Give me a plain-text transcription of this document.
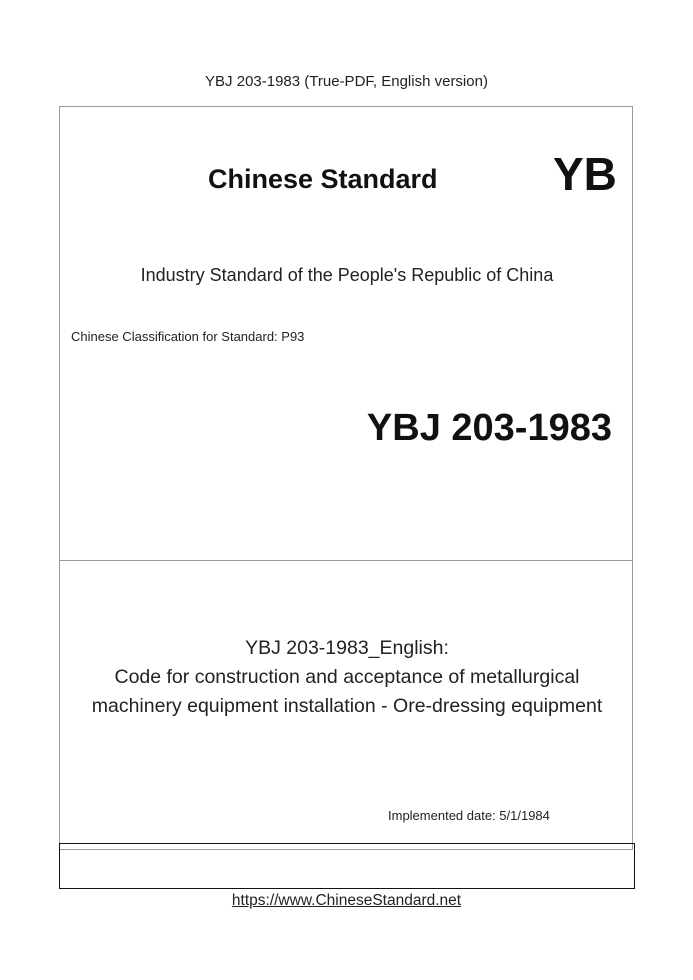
YBJ 203-1983 (True-PDF, English version)
Chinese Standard	YB
Industry Standard of the People's Republic of China
Chinese Classification for Standard: P93
YBJ 203-1983
YBJ 203-1983_English:
Code for construction and acceptance of metallurgical
machinery equipment installation - Ore-dressing equipment
Implemented date: 5/1/1984
https://www.ChineseStandard.net
